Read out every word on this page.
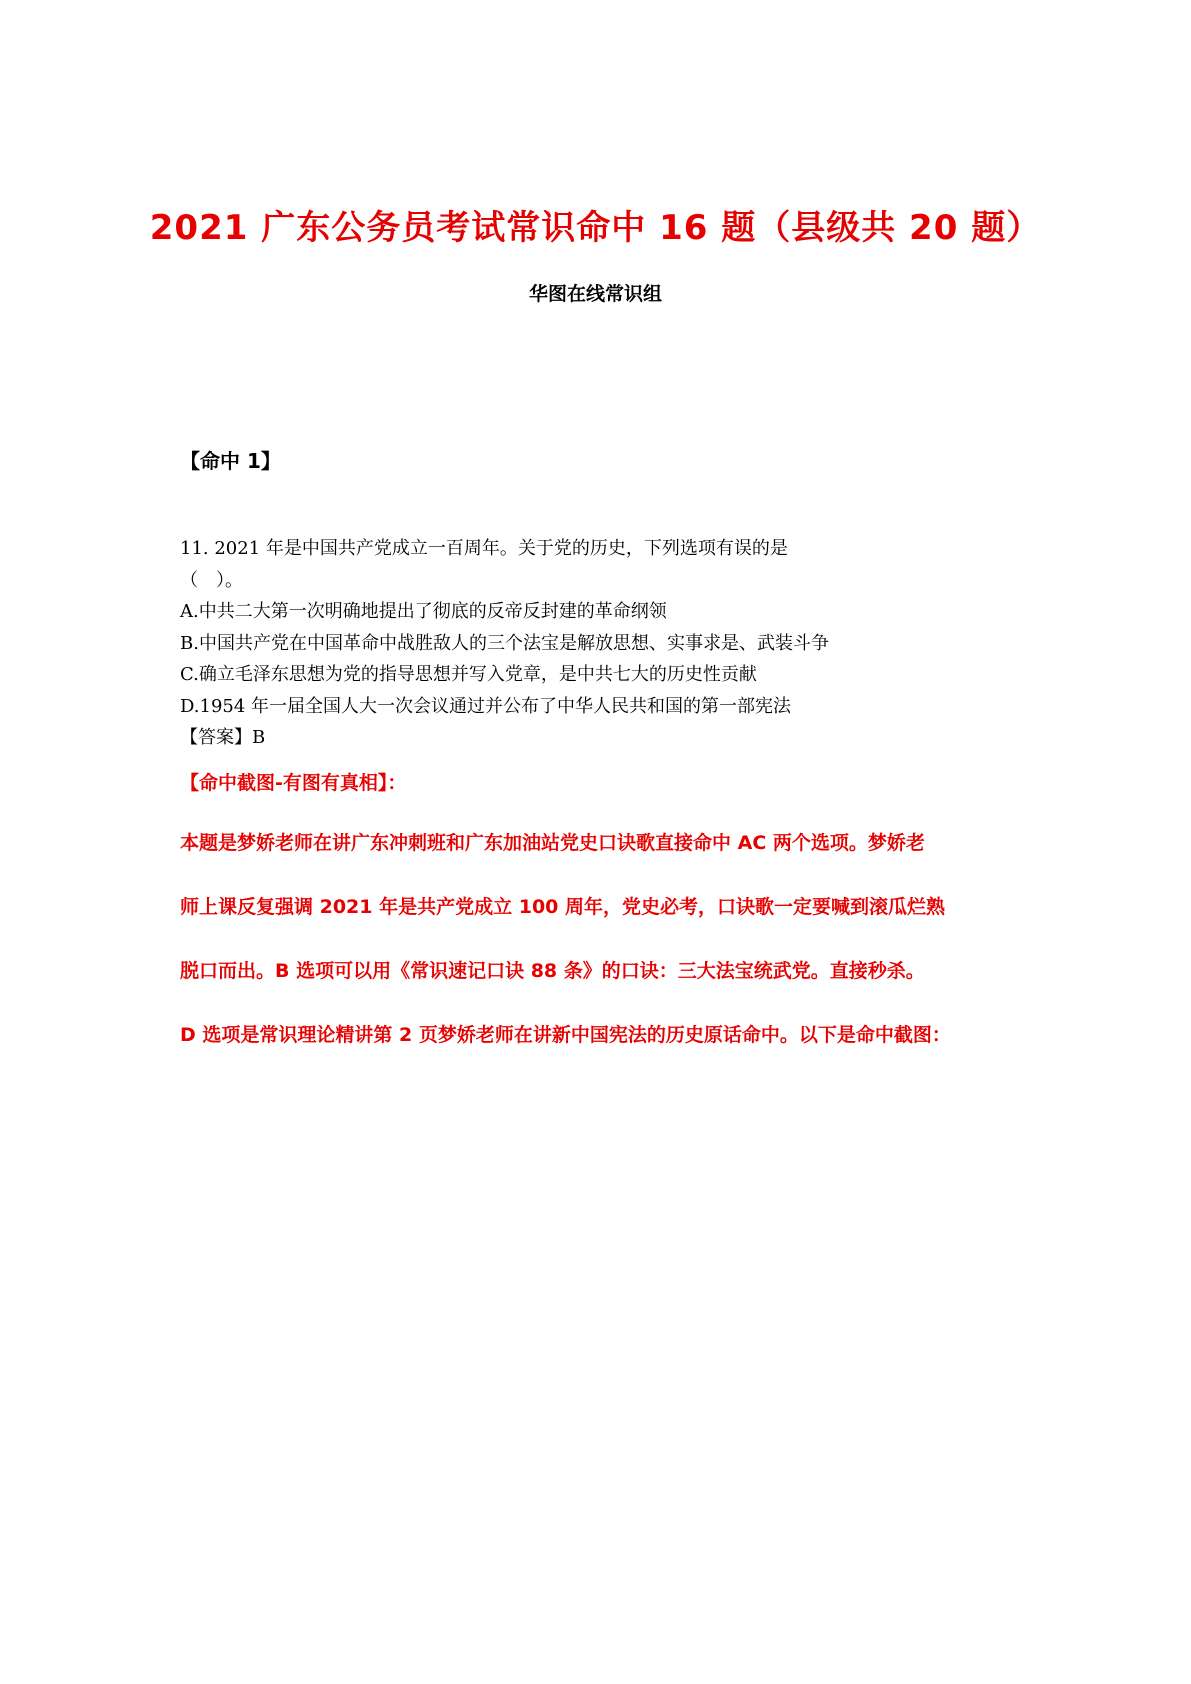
2021 广东公务员考试常识命中 16 题（县级共 20 题）
华图在线常识组
【命中 1】
11. 2021 年是中国共产党成立一百周年。关于党的历史，下列选项有误的是
（　）。
A.中共二大第一次明确地提出了彻底的反帝反封建的革命纲领
B.中国共产党在中国革命中战胜敌人的三个法宝是解放思想、实事求是、武装斗争
C.确立毛泽东思想为党的指导思想并写入党章，是中共七大的历史性贡献
D.1954 年一届全国人大一次会议通过并公布了中华人民共和国的第一部宪法
【答案】B
【命中截图-有图有真相】：
本题是梦娇老师在讲广东冲刺班和广东加油站党史口诀歌直接命中 AC 两个选项。梦娇老
师上课反复强调 2021 年是共产党成立 100 周年，党史必考，口诀歌一定要喊到滚瓜烂熟
脱口而出。B 选项可以用《常识速记口诀 88 条》的口诀：三大法宝统武党。直接秒杀。
D 选项是常识理论精讲第 2 页梦娇老师在讲新中国宪法的历史原话命中。以下是命中截图：
